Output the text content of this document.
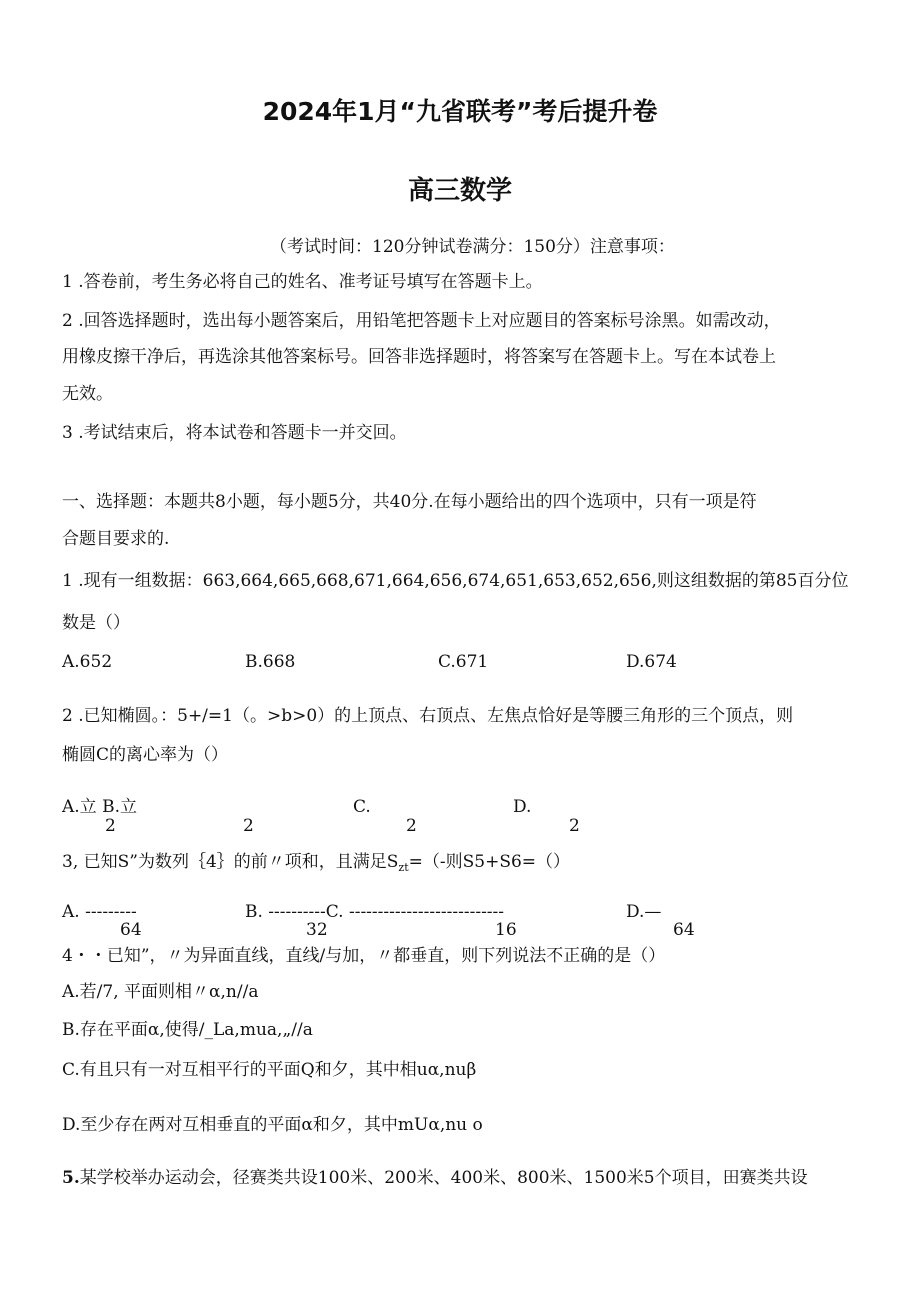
2024年1月“九省联考”考后提升卷
高三数学
（考试时间：120分钟试卷满分：150分）注意事项：
1 .答卷前，考生务必将自己的姓名、准考证号填写在答题卡上。
2 .回答选择题时，选出每小题答案后，用铅笔把答题卡上对应题目的答案标号涂黑。如需改动，
用橡皮擦干净后，再选涂其他答案标号。回答非选择题时，将答案写在答题卡上。写在本试卷上
无效。
3 .考试结束后，将本试卷和答题卡一并交回。
一、选择题：本题共8小题，每小题5分，共40分.在每小题给出的四个选项中，只有一项是符
合题目要求的.
1 .现有一组数据：663,664,665,668,671,664,656,674,651,653,652,656,则这组数据的第85百分位
数是（）
A.652	B.668	C.671	D.674
2 .已知椭圆。：5+/=1（。>b>0）的上顶点、右顶点、左焦点恰好是等腰三角形的三个顶点，则
椭圆C的离心率为（）
A.立 B.立	C.	D.
2	2	2	2
3, 已知S”为数列｛4｝的前〃项和，且满足$S_{zt}=(-$则S5+S6=（）
A. ---------	B. ----------C. ---------------------------	D.—
64	32	16	64
4・・已知”，〃为异面直线，直线/与加，〃都垂直，则下列说法不正确的是（）
A.若/7, 平面则相〃α,n//a
B.存在平面α,使得/_La,mua,„//a
C.有且只有一对互相平行的平面Q和夕，其中相uα,nuβ
D.至少存在两对互相垂直的平面α和夕，其中mUα,nu o
5.某学校举办运动会，径赛类共设100米、200米、400米、800米、1500米5个项目，田赛类共设
